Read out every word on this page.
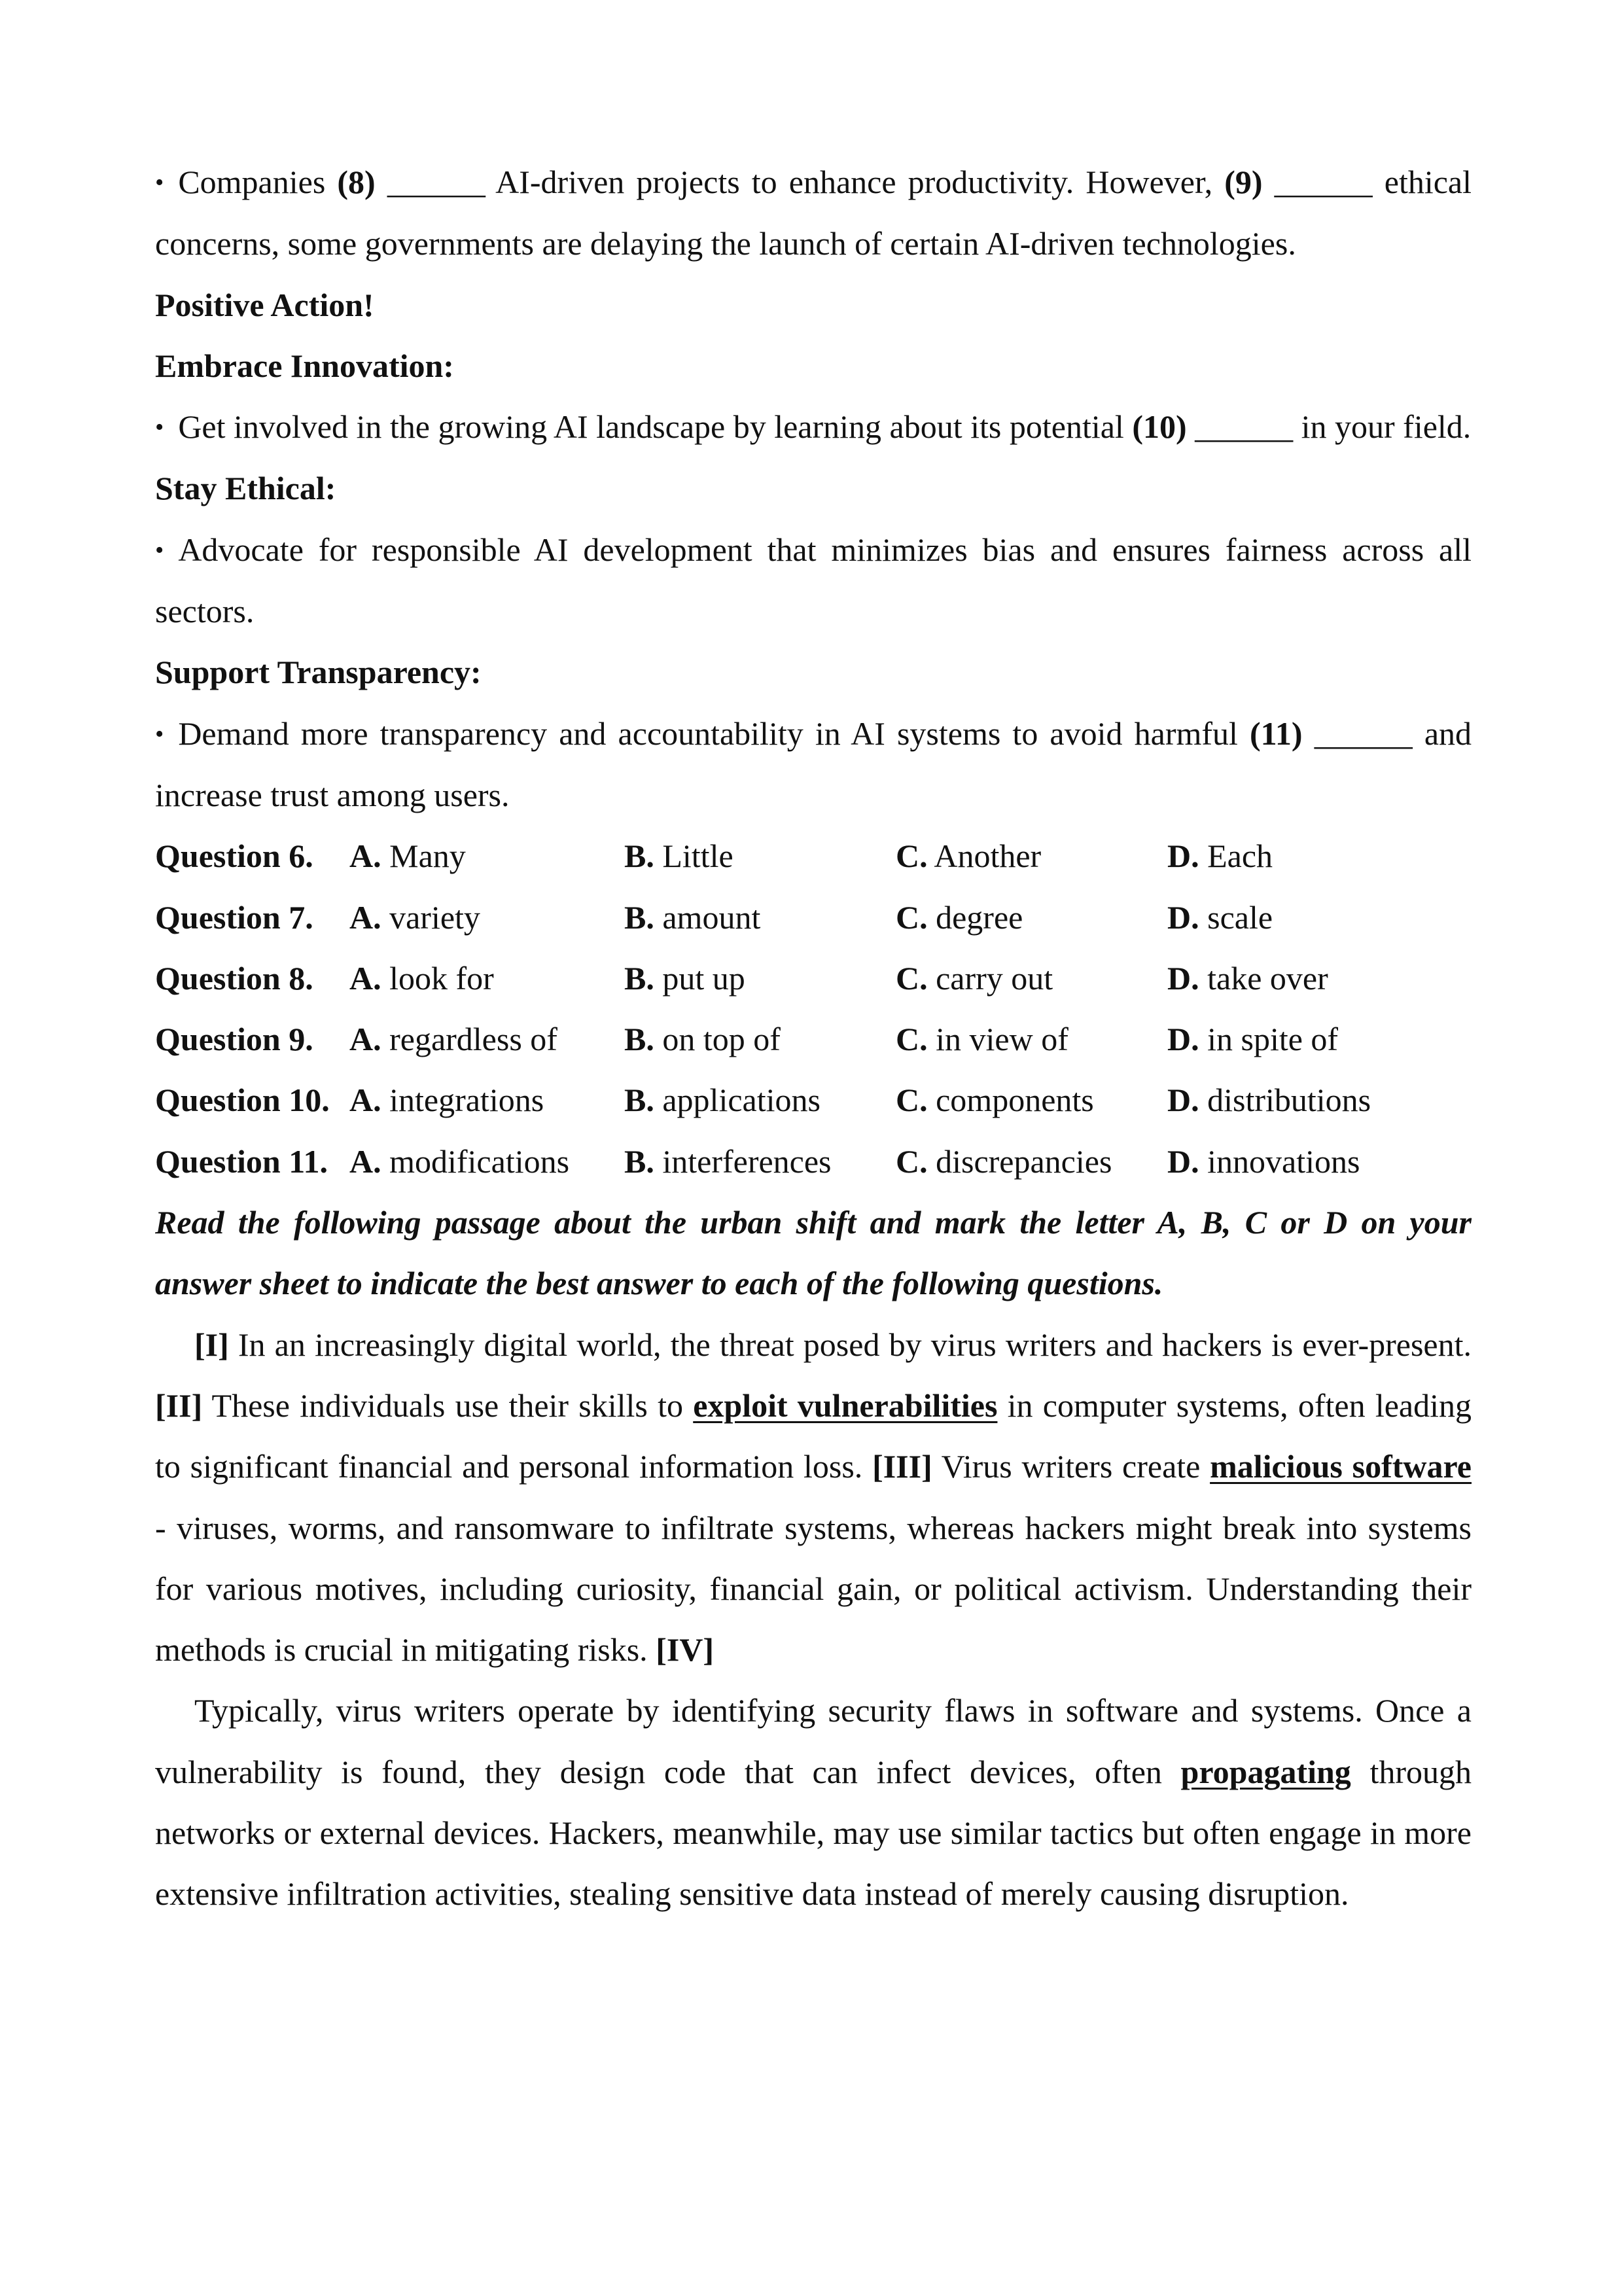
• Companies (8) ______ AI-driven projects to enhance productivity. However, (9) ______ ethical concerns, some governments are delaying the launch of certain AI-driven technologies.

Positive Action!

Embrace Innovation:

• Get involved in the growing AI landscape by learning about its potential (10) ______ in your field.

Stay Ethical:

• Advocate for responsible AI development that minimizes bias and ensures fairness across all sectors.

Support Transparency:

• Demand more transparency and accountability in AI systems to avoid harmful (11) ______ and increase trust among users.

Question 6.	A. Many	B. Little	C. Another	D. Each
Question 7.	A. variety	B. amount	C. degree	D. scale
Question 8.	A. look for	B. put up	C. carry out	D. take over
Question 9.	A. regardless of	B. on top of	C. in view of	D. in spite of
Question 10. A. integrations	B. applications	C. components	D. distributions
Question 11. A. modifications	B. interferences	C. discrepancies	D. innovations

Read the following passage about the urban shift and mark the letter A, B, C or D on your answer sheet to indicate the best answer to each of the following questions.

[I] In an increasingly digital world, the threat posed by virus writers and hackers is ever-present. [II] These individuals use their skills to exploit vulnerabilities in computer systems, often leading to significant financial and personal information loss. [III] Virus writers create malicious software - viruses, worms, and ransomware to infiltrate systems, whereas hackers might break into systems for various motives, including curiosity, financial gain, or political activism. Understanding their methods is crucial in mitigating risks. [IV]

Typically, virus writers operate by identifying security flaws in software and systems. Once a vulnerability is found, they design code that can infect devices, often propagating through networks or external devices. Hackers, meanwhile, may use similar tactics but often engage in more extensive infiltration activities, stealing sensitive data instead of merely causing disruption.
